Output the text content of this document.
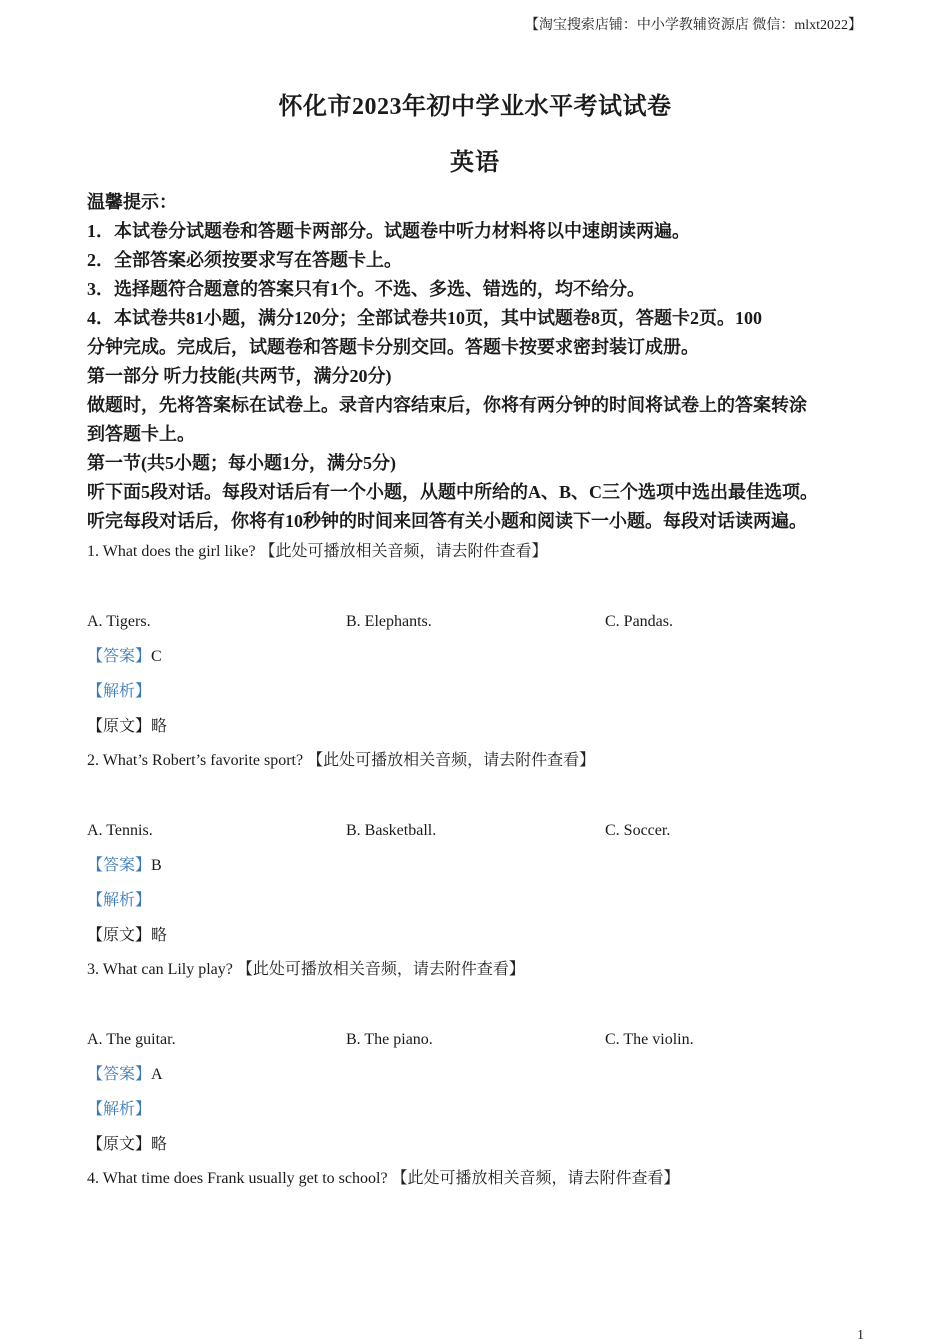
【淘宝搜索店铺：中小学教辅资源店 微信：mlxt2022】
怀化市2023年初中学业水平考试试卷
英语
温馨提示：
1．本试卷分试题卷和答题卡两部分。试题卷中听力材料将以中速朗读两遍。
2．全部答案必须按要求写在答题卡上。
3．选择题符合题意的答案只有1个。不选、多选、错选的，均不给分。
4．本试卷共81小题，满分120分；全部试卷共10页，其中试题卷8页，答题卡2页。100
分钟完成。完成后，试题卷和答题卡分别交回。答题卡按要求密封装订成册。
第一部分 听力技能(共两节，满分20分)
做题时，先将答案标在试卷上。录音内容结束后，你将有两分钟的时间将试卷上的答案转涂
到答题卡上。
第一节(共5小题；每小题1分，满分5分)
听下面5段对话。每段对话后有一个小题，从题中所给的A、B、C三个选项中选出最佳选项。
听完每段对话后，你将有10秒钟的时间来回答有关小题和阅读下一小题。每段对话读两遍。
1. What does the girl like? 【此处可播放相关音频，请去附件查看】
A. Tigers.	B. Elephants.	C. Pandas.
【答案】C
【解析】
【原文】略
2. What’s Robert’s favorite sport? 【此处可播放相关音频，请去附件查看】
A. Tennis.	B. Basketball.	C. Soccer.
【答案】B
【解析】
【原文】略
3. What can Lily play? 【此处可播放相关音频，请去附件查看】
A. The guitar.	B. The piano.	C. The violin.
【答案】A
【解析】
【原文】略
4. What time does Frank usually get to school? 【此处可播放相关音频，请去附件查看】
1
